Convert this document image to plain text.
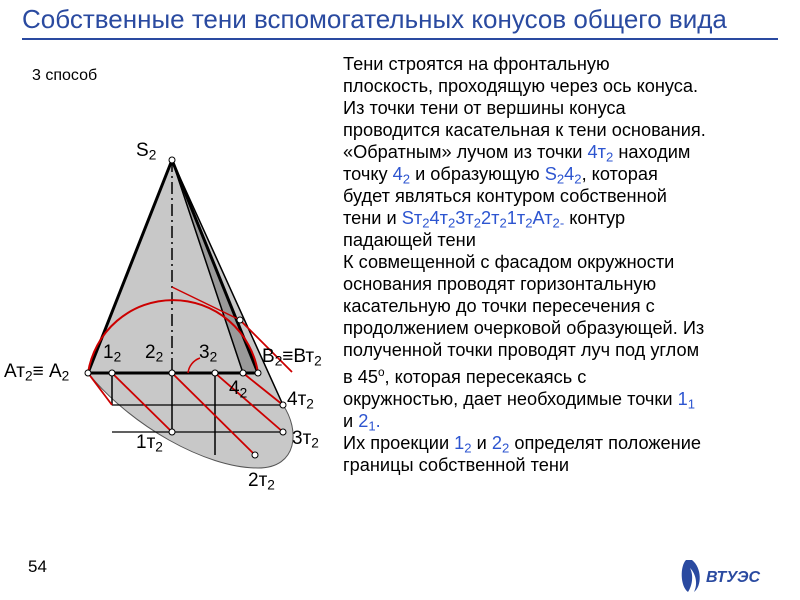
Собственные тени вспомогательных конусов общего вида
3 способ
$S_2$
$Ат_2\equiv А_2$
$В_2\equiv Вт_2$
$1_2$ $2_2$ $3_2$
$4_2$ $4т_2$
$3т_2$
$2т_2$
$1т_2$

Тени строятся на фронтальную

плоскость, проходящую через ось конуса.

Из точки тени от вершины конуса

проводится касательная к тени основания.

«Обратным» лучом из точки $4т_2$ находим

точку $4_2$ и образующую $S_24_2$, которая

будет являться контуром собственной

тени и $Sт_24т_23т_22т_21т_2Ат_{2-}$ контур

падающей тени

К совмещенной с фасадом окружности

основания проводят горизонтальную

касательную до точки пересечения с

продолжением очерковой образующей. Из

полученной точки проводят луч под углом

в $45^о$, которая пересекаясь с

окружностью, дает необходимые точки $1_1$

и $2_1$.

Их проекции $1_2$ и $2_2$ определят положение

границы собственной тени

54
ВТУЭС
